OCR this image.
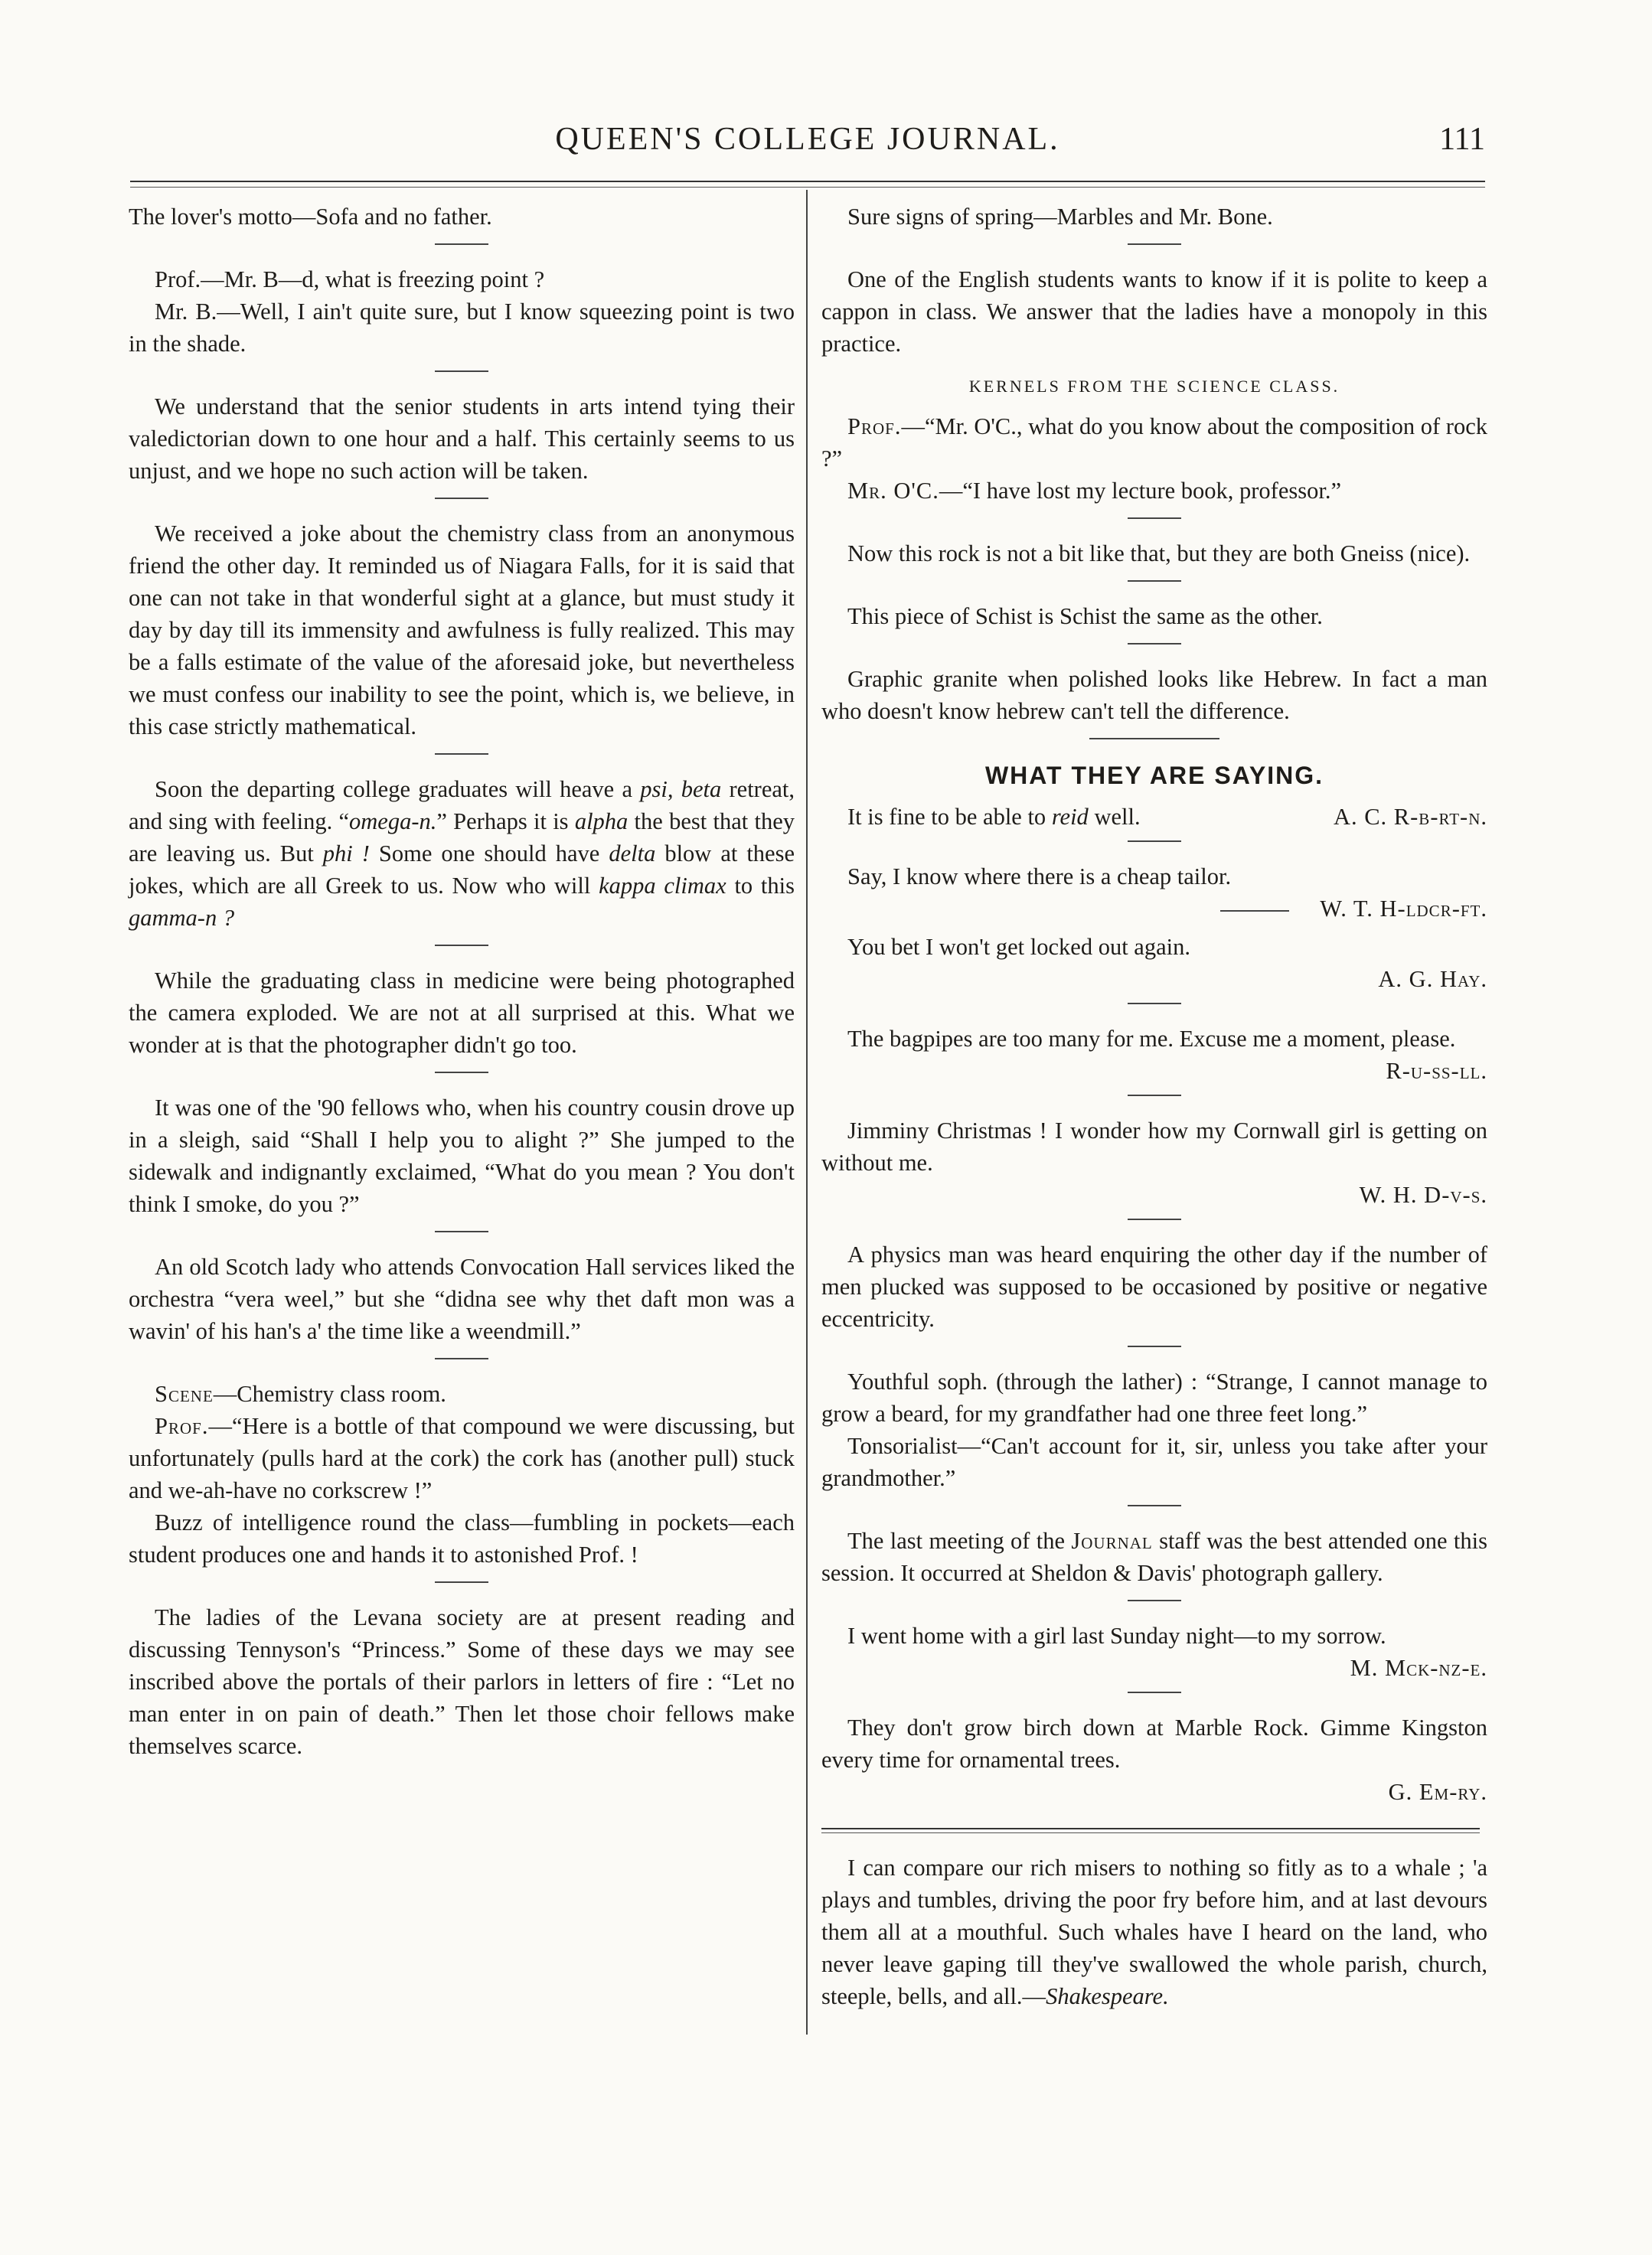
QUEEN'S COLLEGE JOURNAL.	111

The lover's motto—Sofa and no father.

Prof.—Mr. B—d, what is freezing point ?

Mr. B.—Well, I ain't quite sure, but I know squeezing point is two in the shade.

We understand that the senior students in arts intend tying their valedictorian down to one hour and a half. This certainly seems to us unjust, and we hope no such action will be taken.

We received a joke about the chemistry class from an anonymous friend the other day. It reminded us of Niagara Falls, for it is said that one can not take in that wonderful sight at a glance, but must study it day by day till its immensity and awfulness is fully realized. This may be a falls estimate of the value of the aforesaid joke, but nevertheless we must confess our inability to see the point, which is, we believe, in this case strictly mathematical.

Soon the departing college graduates will heave a psi, beta retreat, and sing with feeling. “omega-n.” Perhaps it is alpha the best that they are leaving us. But phi ! Some one should have delta blow at these jokes, which are all Greek to us. Now who will kappa climax to this gamma-n ?

While the graduating class in medicine were being photographed the camera exploded. We are not at all surprised at this. What we wonder at is that the photographer didn't go too.

It was one of the '90 fellows who, when his country cousin drove up in a sleigh, said “Shall I help you to alight ?” She jumped to the sidewalk and indignantly exclaimed, “What do you mean ? You don't think I smoke, do you ?”

An old Scotch lady who attends Convocation Hall services liked the orchestra “vera weel,” but she “didna see why thet daft mon was a wavin' of his han's a' the time like a weendmill.”

Scene—Chemistry class room.

Prof.—“Here is a bottle of that compound we were discussing, but unfortunately (pulls hard at the cork) the cork has (another pull) stuck and we-ah-have no corkscrew !”

Buzz of intelligence round the class—fumbling in pockets—each student produces one and hands it to astonished Prof. !

The ladies of the Levana society are at present reading and discussing Tennyson's “Princess.” Some of these days we may see inscribed above the portals of their parlors in letters of fire : “Let no man enter in on pain of death.” Then let those choir fellows make themselves scarce.

Sure signs of spring—Marbles and Mr. Bone.

One of the English students wants to know if it is polite to keep a cappon in class. We answer that the ladies have a monopoly in this practice.

KERNELS FROM THE SCIENCE CLASS.

Prof.—“Mr. O'C., what do you know about the composition of rock ?”

Mr. O'C.—“I have lost my lecture book, professor.”

Now this rock is not a bit like that, but they are both Gneiss (nice).

This piece of Schist is Schist the same as the other.

Graphic granite when polished looks like Hebrew. In fact a man who doesn't know hebrew can't tell the difference.

WHAT THEY ARE SAYING.
It is fine to be able to reid well.	A. C. R-b-rt-n.

Say, I know where there is a cheap tailor.

W. T. H-ldcr-ft.

You bet I won't get locked out again.

A. G. Hay.

The bagpipes are too many for me. Excuse me a moment, please.

R-u-ss-ll.

Jimminy Christmas ! I wonder how my Cornwall girl is getting on without me.

W. H. D-v-s.

A physics man was heard enquiring the other day if the number of men plucked was supposed to be occasioned by positive or negative eccentricity.

Youthful soph. (through the lather) : “Strange, I cannot manage to grow a beard, for my grandfather had one three feet long.”

Tonsorialist—“Can't account for it, sir, unless you take after your grandmother.”

The last meeting of the Journal staff was the best attended one this session. It occurred at Sheldon & Davis' photograph gallery.

I went home with a girl last Sunday night—to my sorrow.

M. Mck-nz-e.

They don't grow birch down at Marble Rock. Gimme Kingston every time for ornamental trees.

G. Em-ry.

I can compare our rich misers to nothing so fitly as to a whale ; 'a plays and tumbles, driving the poor fry before him, and at last devours them all at a mouthful. Such whales have I heard on the land, who never leave gaping till they've swallowed the whole parish, church, steeple, bells, and all.—Shakespeare.
